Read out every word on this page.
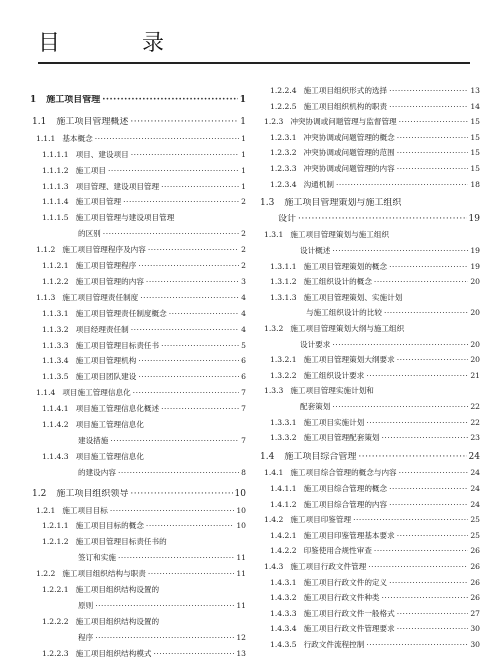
目　录
1 施工项目管理 ·····	1
1.1 施工项目管理概述 ·····	1
1.1.1 基本概念 ·····	1
1.1.1.1 项目、建设项目 ·····	1
1.1.1.2 施工项目 ·····	1
1.1.1.3 项目管理、建设项目管理 ·····	1
1.1.1.4 施工项目管理 ·····	2
1.1.1.5 施工项目管理与建设项目管理
的区别 ·····	2
1.1.2 施工项目管理程序及内容 ·····	2
1.1.2.1 施工项目管理程序 ·····	2
1.1.2.2 施工项目管理的内容 ·····	3
1.1.3 施工项目管理责任制度 ·····	4
1.1.3.1 施工项目管理责任制度概念 ·····	4
1.1.3.2 项目经理责任制 ·····	4
1.1.3.3 施工项目管理目标责任书 ·····	5
1.1.3.4 施工项目管理机构 ·····	6
1.1.3.5 施工项目团队建设 ·····	6
1.1.4 项目施工管理信息化 ·····	7
1.1.4.1 项目施工管理信息化概述 ·····	7
1.1.4.2 项目施工管理信息化
建设措施 ·····	7
1.1.4.3 项目施工管理信息化
的建设内容 ·····	8
1.2 施工项目组织领导 ·····	10
1.2.1 施工项目目标 ·····	10
1.2.1.1 施工项目目标的概念 ·····	10
1.2.1.2 施工项目管理目标责任书的
签订和实施 ·····	11
1.2.2 施工项目组织结构与职责 ·····	11
1.2.2.1 施工项目组织结构设置的
原则 ·····	11
1.2.2.2 施工项目组织结构设置的
程序 ·····	12
1.2.2.3 施工项目组织结构模式 ·····	13
1.2.2.4 施工项目组织形式的选择 ·····	13
1.2.2.5 施工项目组织机构的职责 ·····	14
1.2.3 冲突协调或问题管理与监督管理 ·····	15
1.2.3.1 冲突协调或问题管理的概念 ·····	15
1.2.3.2 冲突协调或问题管理的范围 ·····	15
1.2.3.3 冲突协调或问题管理的内容 ·····	15
1.2.3.4 沟通机制 ·····	18
1.3 施工项目管理策划与施工组织
设计 ·····	19
1.3.1 施工项目管理策划与施工组织
设计概述 ·····	19
1.3.1.1 施工项目管理策划的概念 ·····	19
1.3.1.2 施工组织设计的概念 ·····	20
1.3.1.3 施工项目管理策划、实施计划
与施工组织设计的比较 ·····	20
1.3.2 施工项目管理策划大纲与施工组织
设计要求 ·····	20
1.3.2.1 施工项目管理策划大纲要求 ·····	20
1.3.2.2 施工组织设计要求 ·····	21
1.3.3 施工项目管理实施计划和
配套策划 ·····	22
1.3.3.1 施工项目实施计划 ·····	22
1.3.3.2 施工项目管理配套策划 ·····	23
1.4 施工项目综合管理 ·····	24
1.4.1 施工项目综合管理的概念与内容 ·····	24
1.4.1.1 施工项目综合管理的概念 ·····	24
1.4.1.2 施工项目综合管理的内容 ·····	24
1.4.2 施工项目印鉴管理 ·····	25
1.4.2.1 施工项目印鉴管理基本要求 ·····	25
1.4.2.2 印鉴使用合规性审查 ·····	26
1.4.3 施工项目行政文件管理 ·····	26
1.4.3.1 施工项目行政文件的定义 ·····	26
1.4.3.2 施工项目行政文件种类 ·····	26
1.4.3.3 施工项目行政文件一般格式 ·····	27
1.4.3.4 施工项目行政文件管理要求 ·····	30
1.4.3.5 行政文件流程控制 ·····	30
